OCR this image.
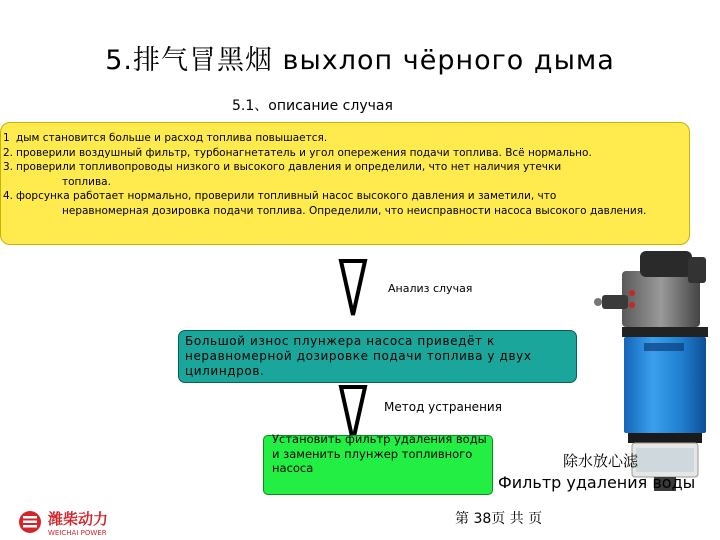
5.排气冒黑烟 выхлоп чёрного дыма
5.1、описание случая
1 дым становится больше и расход топлива повышается.
2. проверили воздушный фильтр, турбонагнетатель и угол опережения подачи топлива. Всё нормально.
3. проверили топливопроводы низкого и высокого давления и определили, что нет наличия утечки
топлива.
4. форсунка работает нормально, проверили топливный насос высокого давления и заметили, что
неравномерная дозировка подачи топлива. Определили, что неисправности насоса высокого давления.
Анализ случая
Большой износ плунжера насоса приведёт к неравномерной дозировке подачи топлива у двух цилиндров.
Метод устранения
Установить фильтр удаления воды и заменить плунжер топливного насоса	除水放心滤
Фильтр удаления воды
潍柴动力
WEICHAI POWER
第 38页 共 页
